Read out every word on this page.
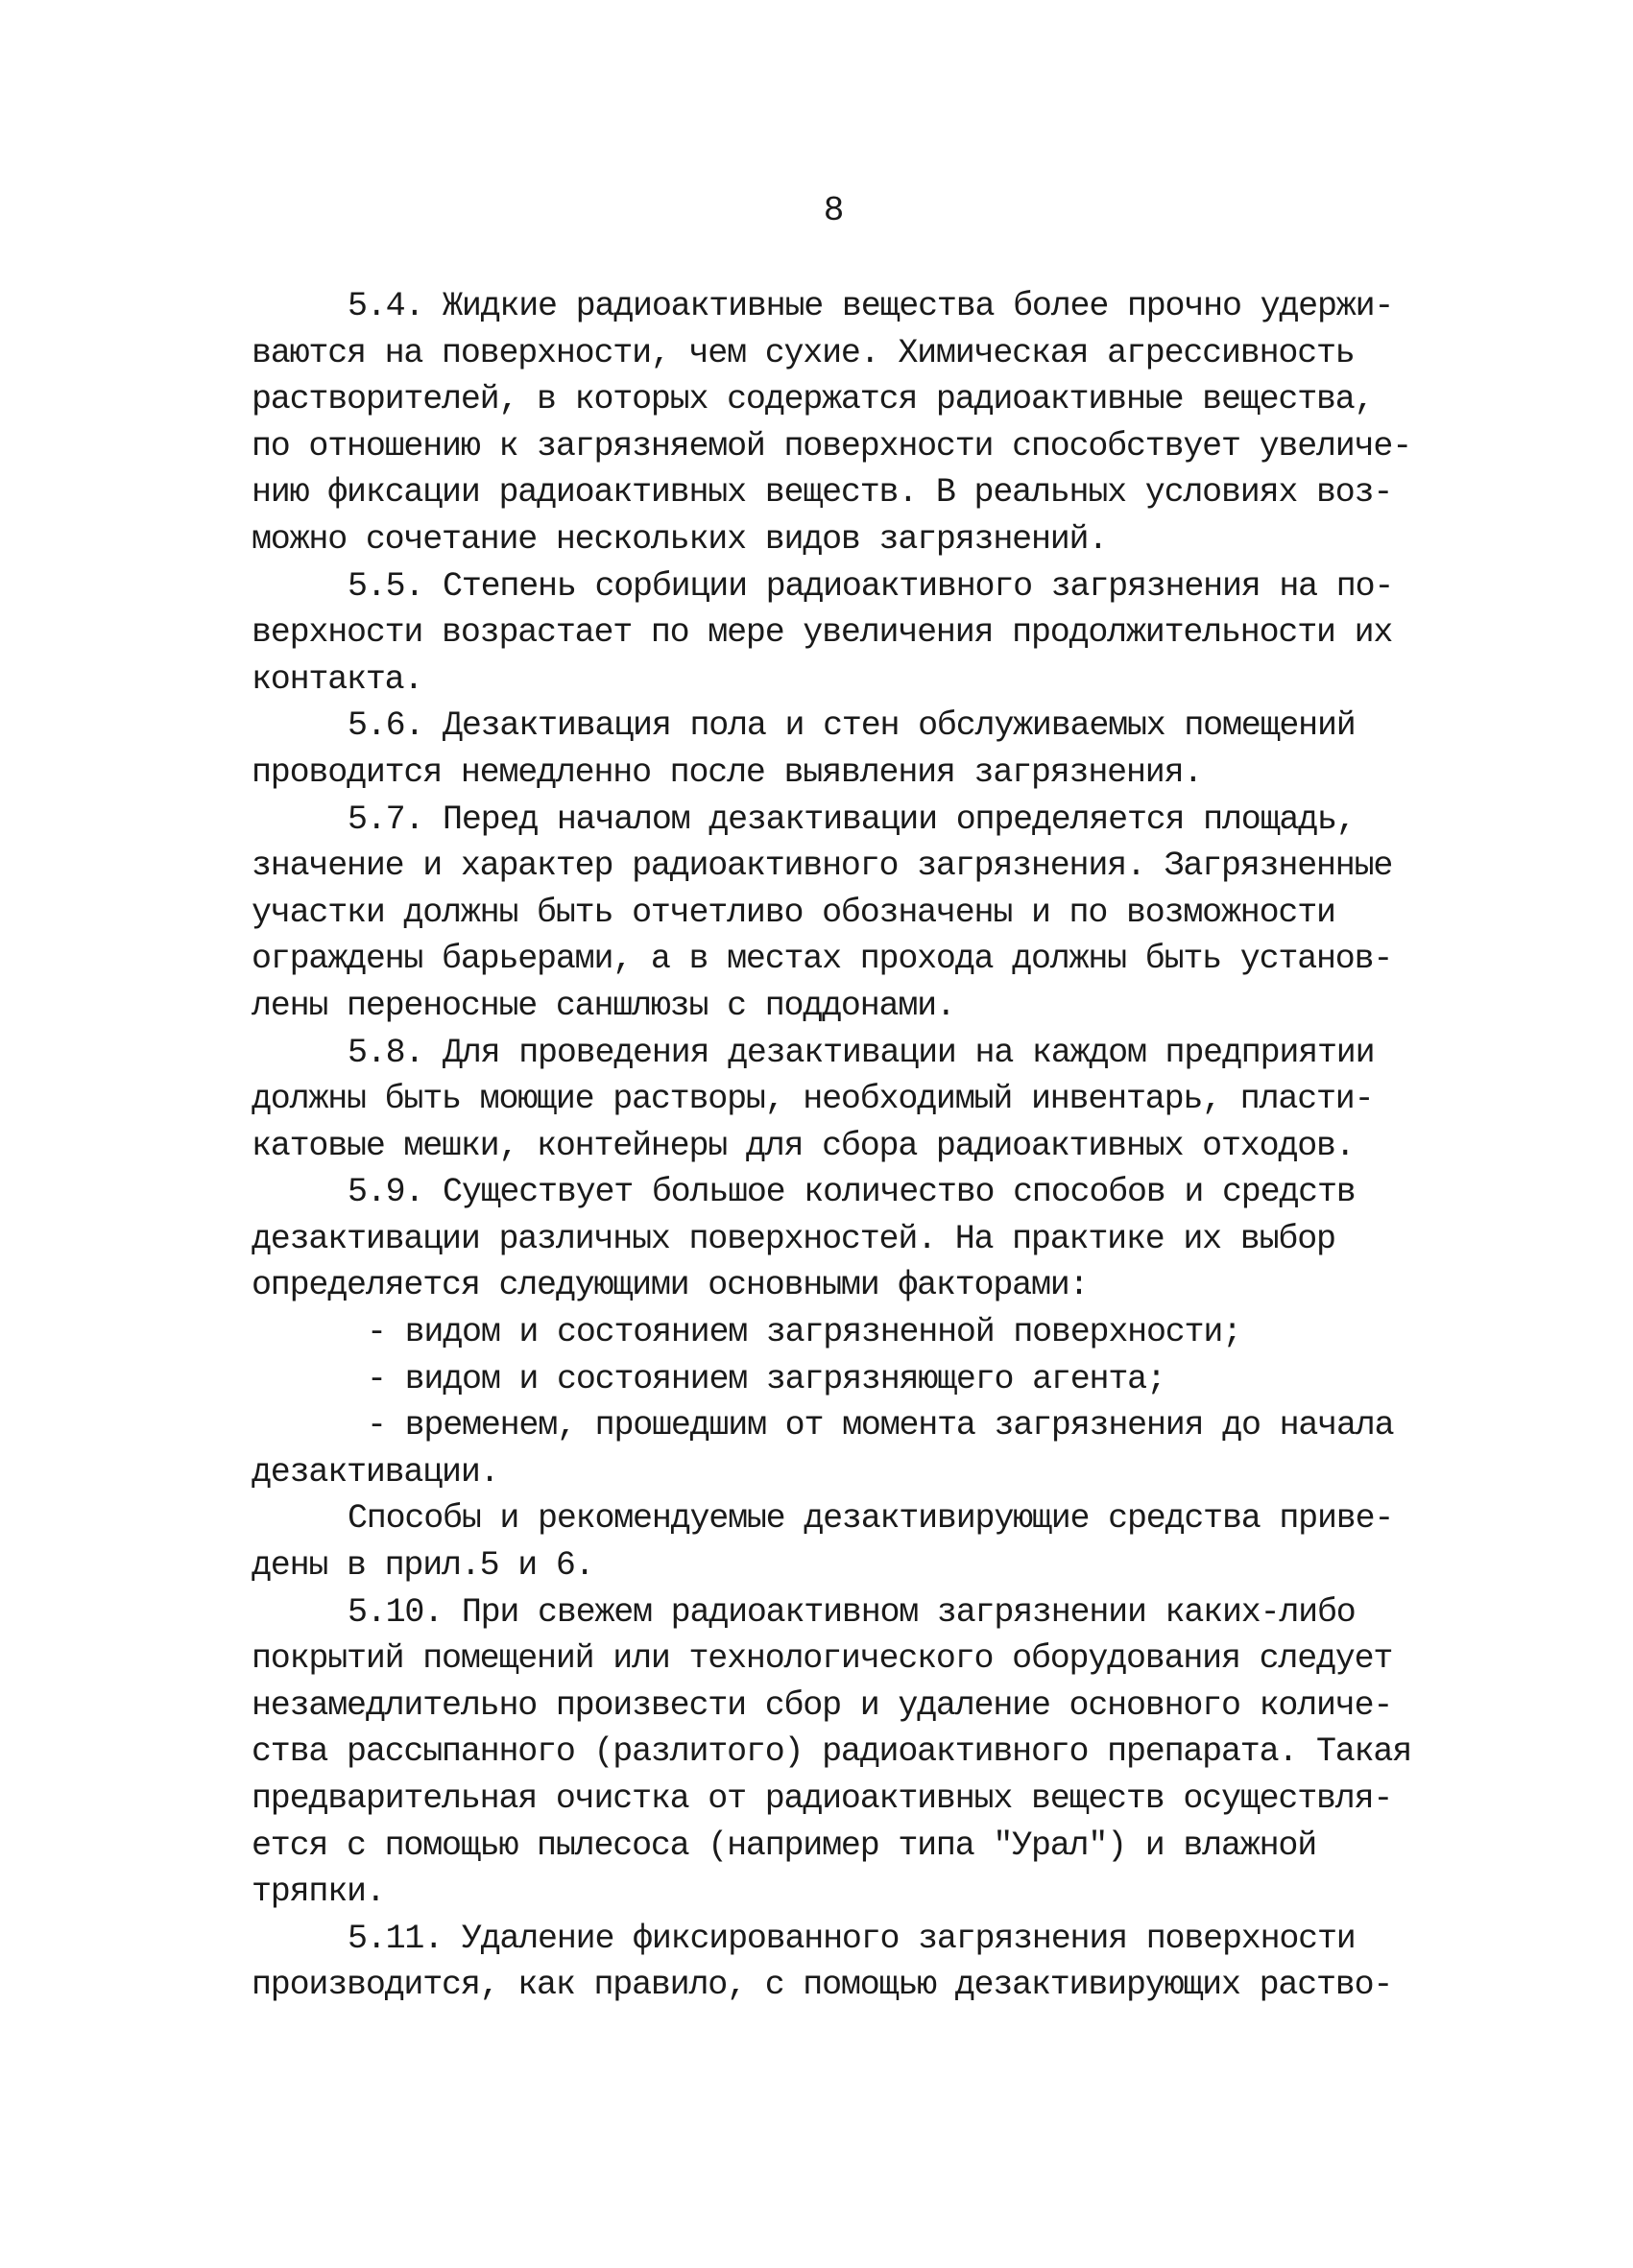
8
5.4. Жидкие радиоактивные вещества более прочно удержи-
ваются на поверхности, чем сухие. Химическая агрессивность
растворителей, в которых содержатся радиоактивные вещества,
по отношению к загрязняемой поверхности способствует увеличе-
нию фиксации радиоактивных веществ. В реальных условиях воз-
можно сочетание нескольких видов загрязнений.
5.5. Степень сорбиции радиоактивного загрязнения на по-
верхности возрастает по мере увеличения продолжительности их
контакта.
5.6. Дезактивация пола и стен обслуживаемых помещений
проводится немедленно после выявления загрязнения.
5.7. Перед началом дезактивации определяется площадь,
значение и характер радиоактивного загрязнения. Загрязненные
участки должны быть отчетливо обозначены и по возможности
ограждены барьерами, а в местах прохода должны быть установ-
лены переносные саншлюзы с поддонами.
5.8. Для проведения дезактивации на каждом предприятии
должны быть моющие растворы, необходимый инвентарь, пласти-
катовые мешки, контейнеры для сбора радиоактивных отходов.
5.9. Существует большое количество способов и средств
дезактивации различных поверхностей. На практике их выбор
определяется следующими основными факторами:
- видом и состоянием загрязненной поверхности;
- видом и состоянием загрязняющего агента;
- временем, прошедшим от момента загрязнения до начала
дезактивации.
Способы и рекомендуемые дезактивирующие средства приве-
дены в прил.5 и 6.
5.10. При свежем радиоактивном загрязнении каких-либо
покрытий помещений или технологического оборудования следует
незамедлительно произвести сбор и удаление основного количе-
ства рассыпанного (разлитого) радиоактивного препарата. Такая
предварительная очистка от радиоактивных веществ осуществля-
ется с помощью пылесоса (например типа "Урал") и влажной
тряпки.
5.11. Удаление фиксированного загрязнения поверхности
производится, как правило, с помощью дезактивирующих раство-
